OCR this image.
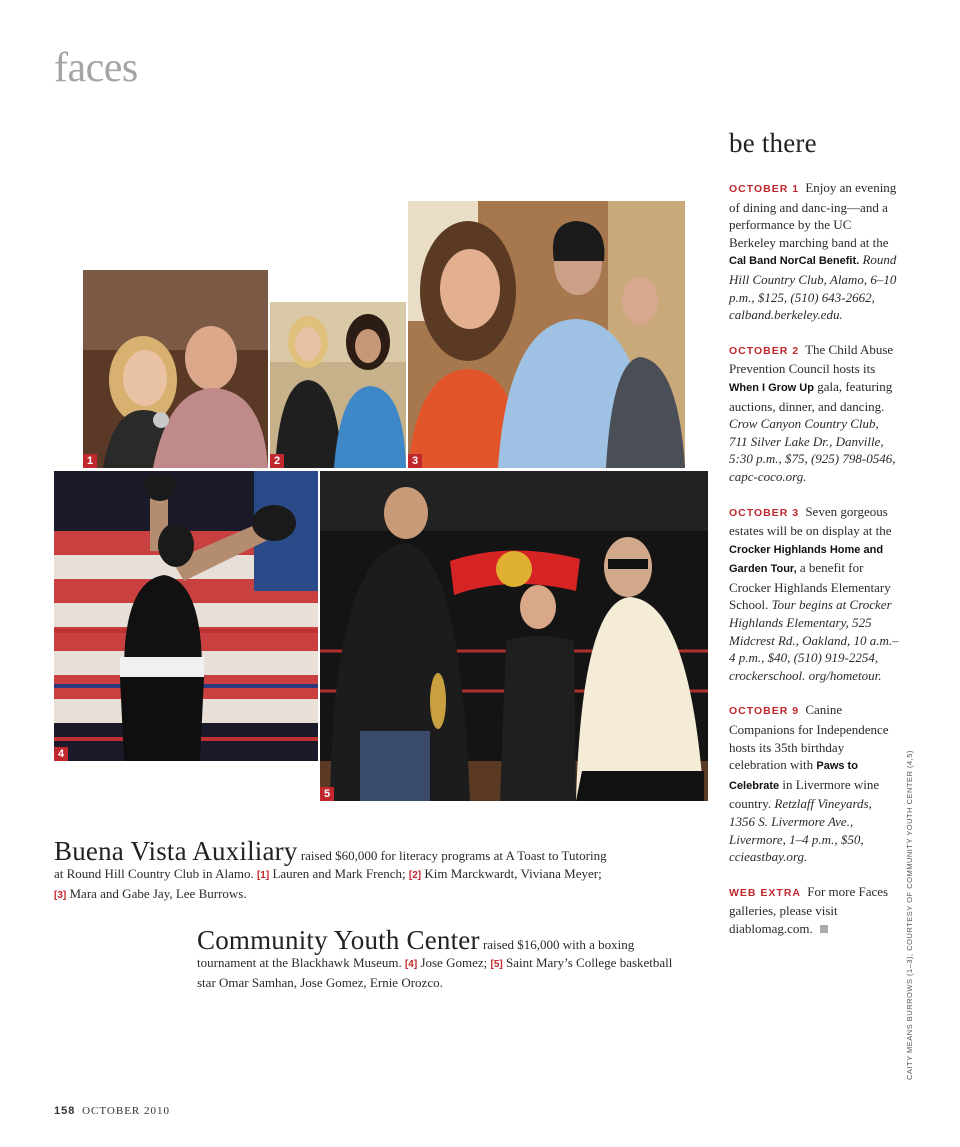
faces
1	2	3
4
5
Buena Vista Auxiliary raised $60,000 for literacy programs at A Toast to Tutoring at Round Hill Country Club in Alamo. [1] Lauren and Mark French; [2] Kim Marckwardt, Viviana Meyer; [3] Mara and Gabe Jay, Lee Burrows.
Community Youth Center raised $16,000 with a boxing tournament at the Blackhawk Museum. [4] Jose Gomez; [5] Saint Mary’s College basketball star Omar Samhan, Jose Gomez, Ernie Orozco.
be there
OCTOBER 1 Enjoy an evening of dining and danc-ing—and a performance by the UC Berkeley marching band at the Cal Band NorCal Benefit. Round Hill Country Club, Alamo, 6–10 p.m., $125, (510) 643-2662, calband.berkeley.edu.
OCTOBER 2 The Child Abuse Prevention Council hosts its When I Grow Up gala, featuring auctions, dinner, and dancing. Crow Canyon Country Club, 711 Silver Lake Dr., Danville, 5:30 p.m., $75, (925) 798-0546, capc-coco.org.
OCTOBER 3 Seven gorgeous estates will be on display at the Crocker Highlands Home and Garden Tour, a benefit for Crocker Highlands Elementary School. Tour begins at Crocker Highlands Elementary, 525 Midcrest Rd., Oakland, 10 a.m.–4 p.m., $40, (510) 919-2254, crockerschool. org/hometour.
OCTOBER 9 Canine Companions for Independence hosts its 35th birthday celebration with Paws to Celebrate in Livermore wine country. Retzlaff Vineyards, 1356 S. Livermore Ave., Livermore, 1–4 p.m., $50, ccieastbay.org.
WEB EXTRA For more Faces galleries, please visit diablomag.com.	CAITY MEANS BURROWS (1–3); COURTESY OF COMMUNITY YOUTH CENTER (4,5)
158 OCTOBER 2010
